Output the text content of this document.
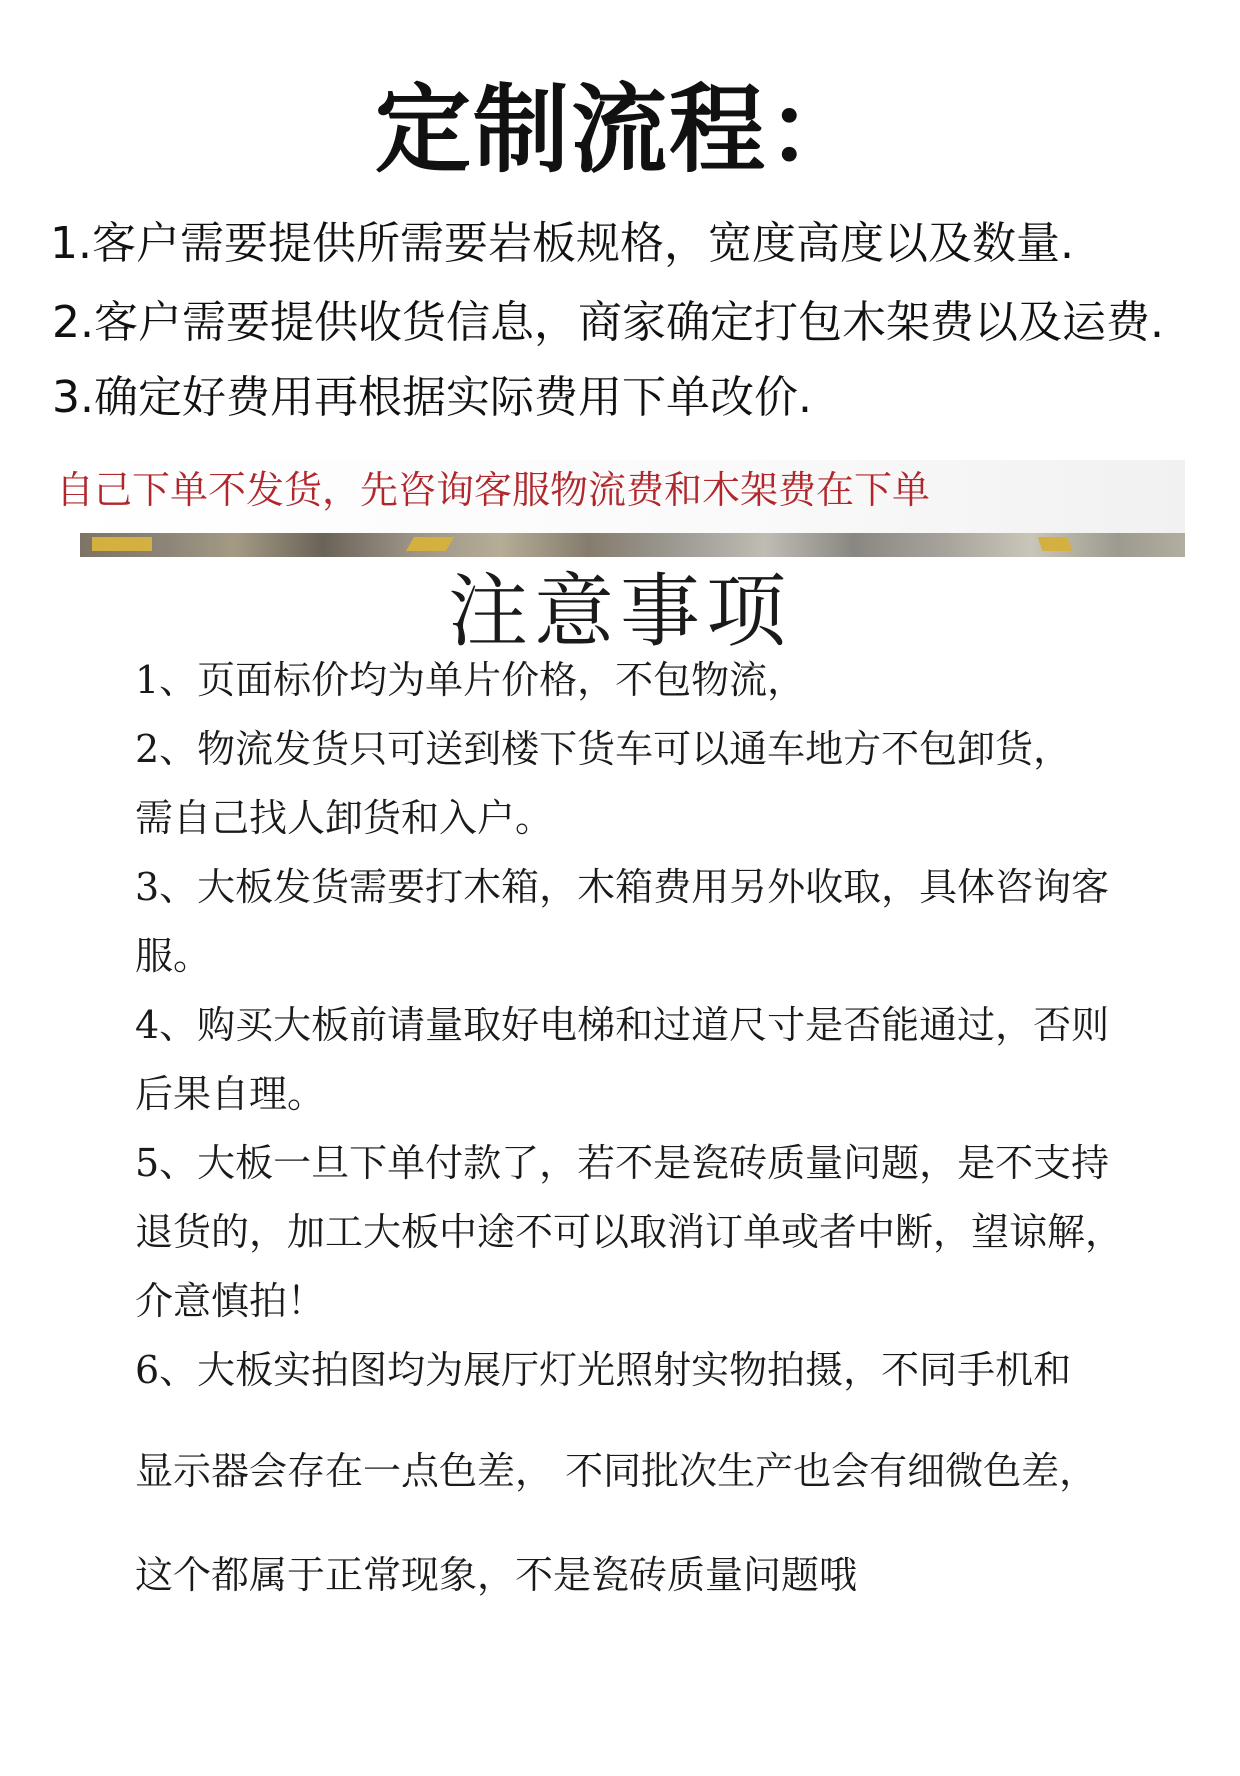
定制流程：
1.客户需要提供所需要岩板规格，宽度高度以及数量.
2.客户需要提供收货信息，商家确定打包木架费以及运费.
3.确定好费用再根据实际费用下单改价.
自己下单不发货，先咨询客服物流费和木架费在下单
注意事项
1、页面标价均为单片价格，不包物流，
2、物流发货只可送到楼下货车可以通车地方不包卸货，
需自己找人卸货和入户。
3、大板发货需要打木箱，木箱费用另外收取，具体咨询客
服。
4、购买大板前请量取好电梯和过道尺寸是否能通过，否则
后果自理。
5、大板一旦下单付款了，若不是瓷砖质量问题，是不支持
退货的，加工大板中途不可以取消订单或者中断，望谅解，
介意慎拍！
6、大板实拍图均为展厅灯光照射实物拍摄，不同手机和
显示器会存在一点色差， 不同批次生产也会有细微色差，
这个都属于正常现象，不是瓷砖质量问题哦
